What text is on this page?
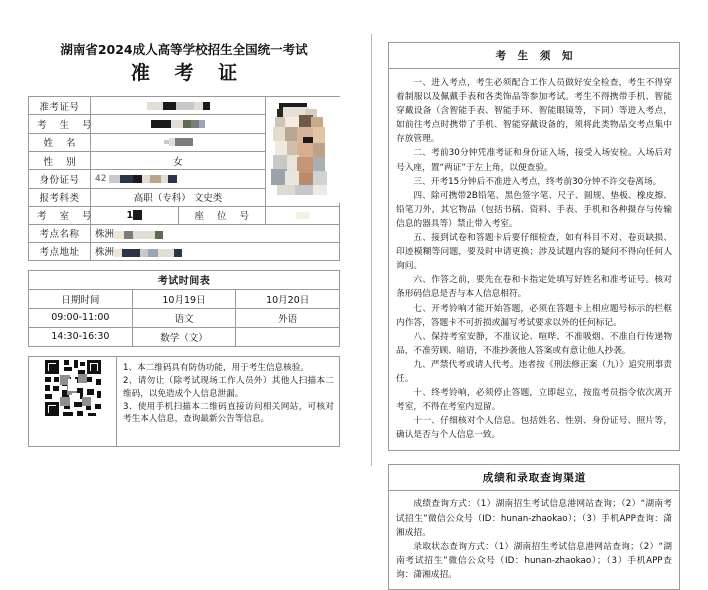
湖南省2024成人高等学校招生全国统一考试
准 考 证
准考证号		

考 生 号			
姓 名			
性 别	女		
身份证号	42		
报考科类	高职（专科） 文史类		
考 室 号	1	座 位 号	
考点名称	株洲		
考点地址	株洲		
考试时间表		
日期时间	10月19日	10月20日
09:00-11:00	语文	外语
14:30-16:30	数学（文）	

1、本二维码具有防伪功能，用于考生信息核验。
2、请勿让（除考试现场工作人员外）其他人扫描本二维码，以免造成个人信息泄漏。
3、使用手机扫描本二维码直接访问相关网站，可核对考生本人信息，查询最新公告等信息。
考 生 须 知

一、进入考点，考生必须配合工作人员做好安全检查，考生不得穿着制服以及佩戴手表和各类饰品等参加考试。考生不得携带手机、智能穿戴设备（含智能手表、智能手环、智能眼镜等，下同）等进入考点，如前往考点时携带了手机、智能穿戴设备的，须将此类物品交考点集中存放管理。

二、考前30分钟凭准考证和身份证入场，接受入场安检。入场后对号入座，置“两证”于左上角，以便查验。

三、开考15分钟后不准进入考点，终考前30分钟不许交卷离场。

四、除可携带2B铅笔、黑色签字笔、尺子、圆规、垫板、橡皮擦、铅笔刀外，其它物品（包括书稿、资料、手表、手机和各种摄存与传输信息的器具等）禁止带入考室。

五、接到试卷和答题卡后要仔细检查，如有科目不对、卷页缺损、印迹模糊等问题，要及时申请更换；涉及试题内容的疑问不得向任何人询问。

六、作答之前，要先在卷和卡指定处填写好姓名和准考证号。核对条形码信息是否与本人信息相符。

七、开考铃响才能开始答题，必须在答题卡上相应题号标示的栏框内作答，答题卡不可折损或漏写考试要求以外的任何标记。

八、保持考室安静，不准议论、喧哗、不准吸烟、不准自行传递物品，不准劳顾、暗语，不准抄袭他人答案或有意让他人抄袭。

九、严禁代考或请人代考。违者按《刑法修正案（九）》追究刑事责任。

十、终考铃响，必须停止答题，立即起立，按监考员指令依次离开考室，不得在考室内逗留。

十一、仔细核对个人信息。包括姓名、性别、身份证号、照片等，确认是否与个人信息一致。

成绩和录取查询渠道

成绩查询方式：（1）湖南招生考试信息港网站查询；（2）“湖南考试招生”微信公众号（ID：hunan-zhaokao）；（3）手机APP查询：潇湘成招。

录取状态查询方式：（1）湖南招生考试信息港网站查询；（2）“湖南考试招生”微信公众号（ID：hunan-zhaokao）；（3）手机APP查询：潇湘成招。
